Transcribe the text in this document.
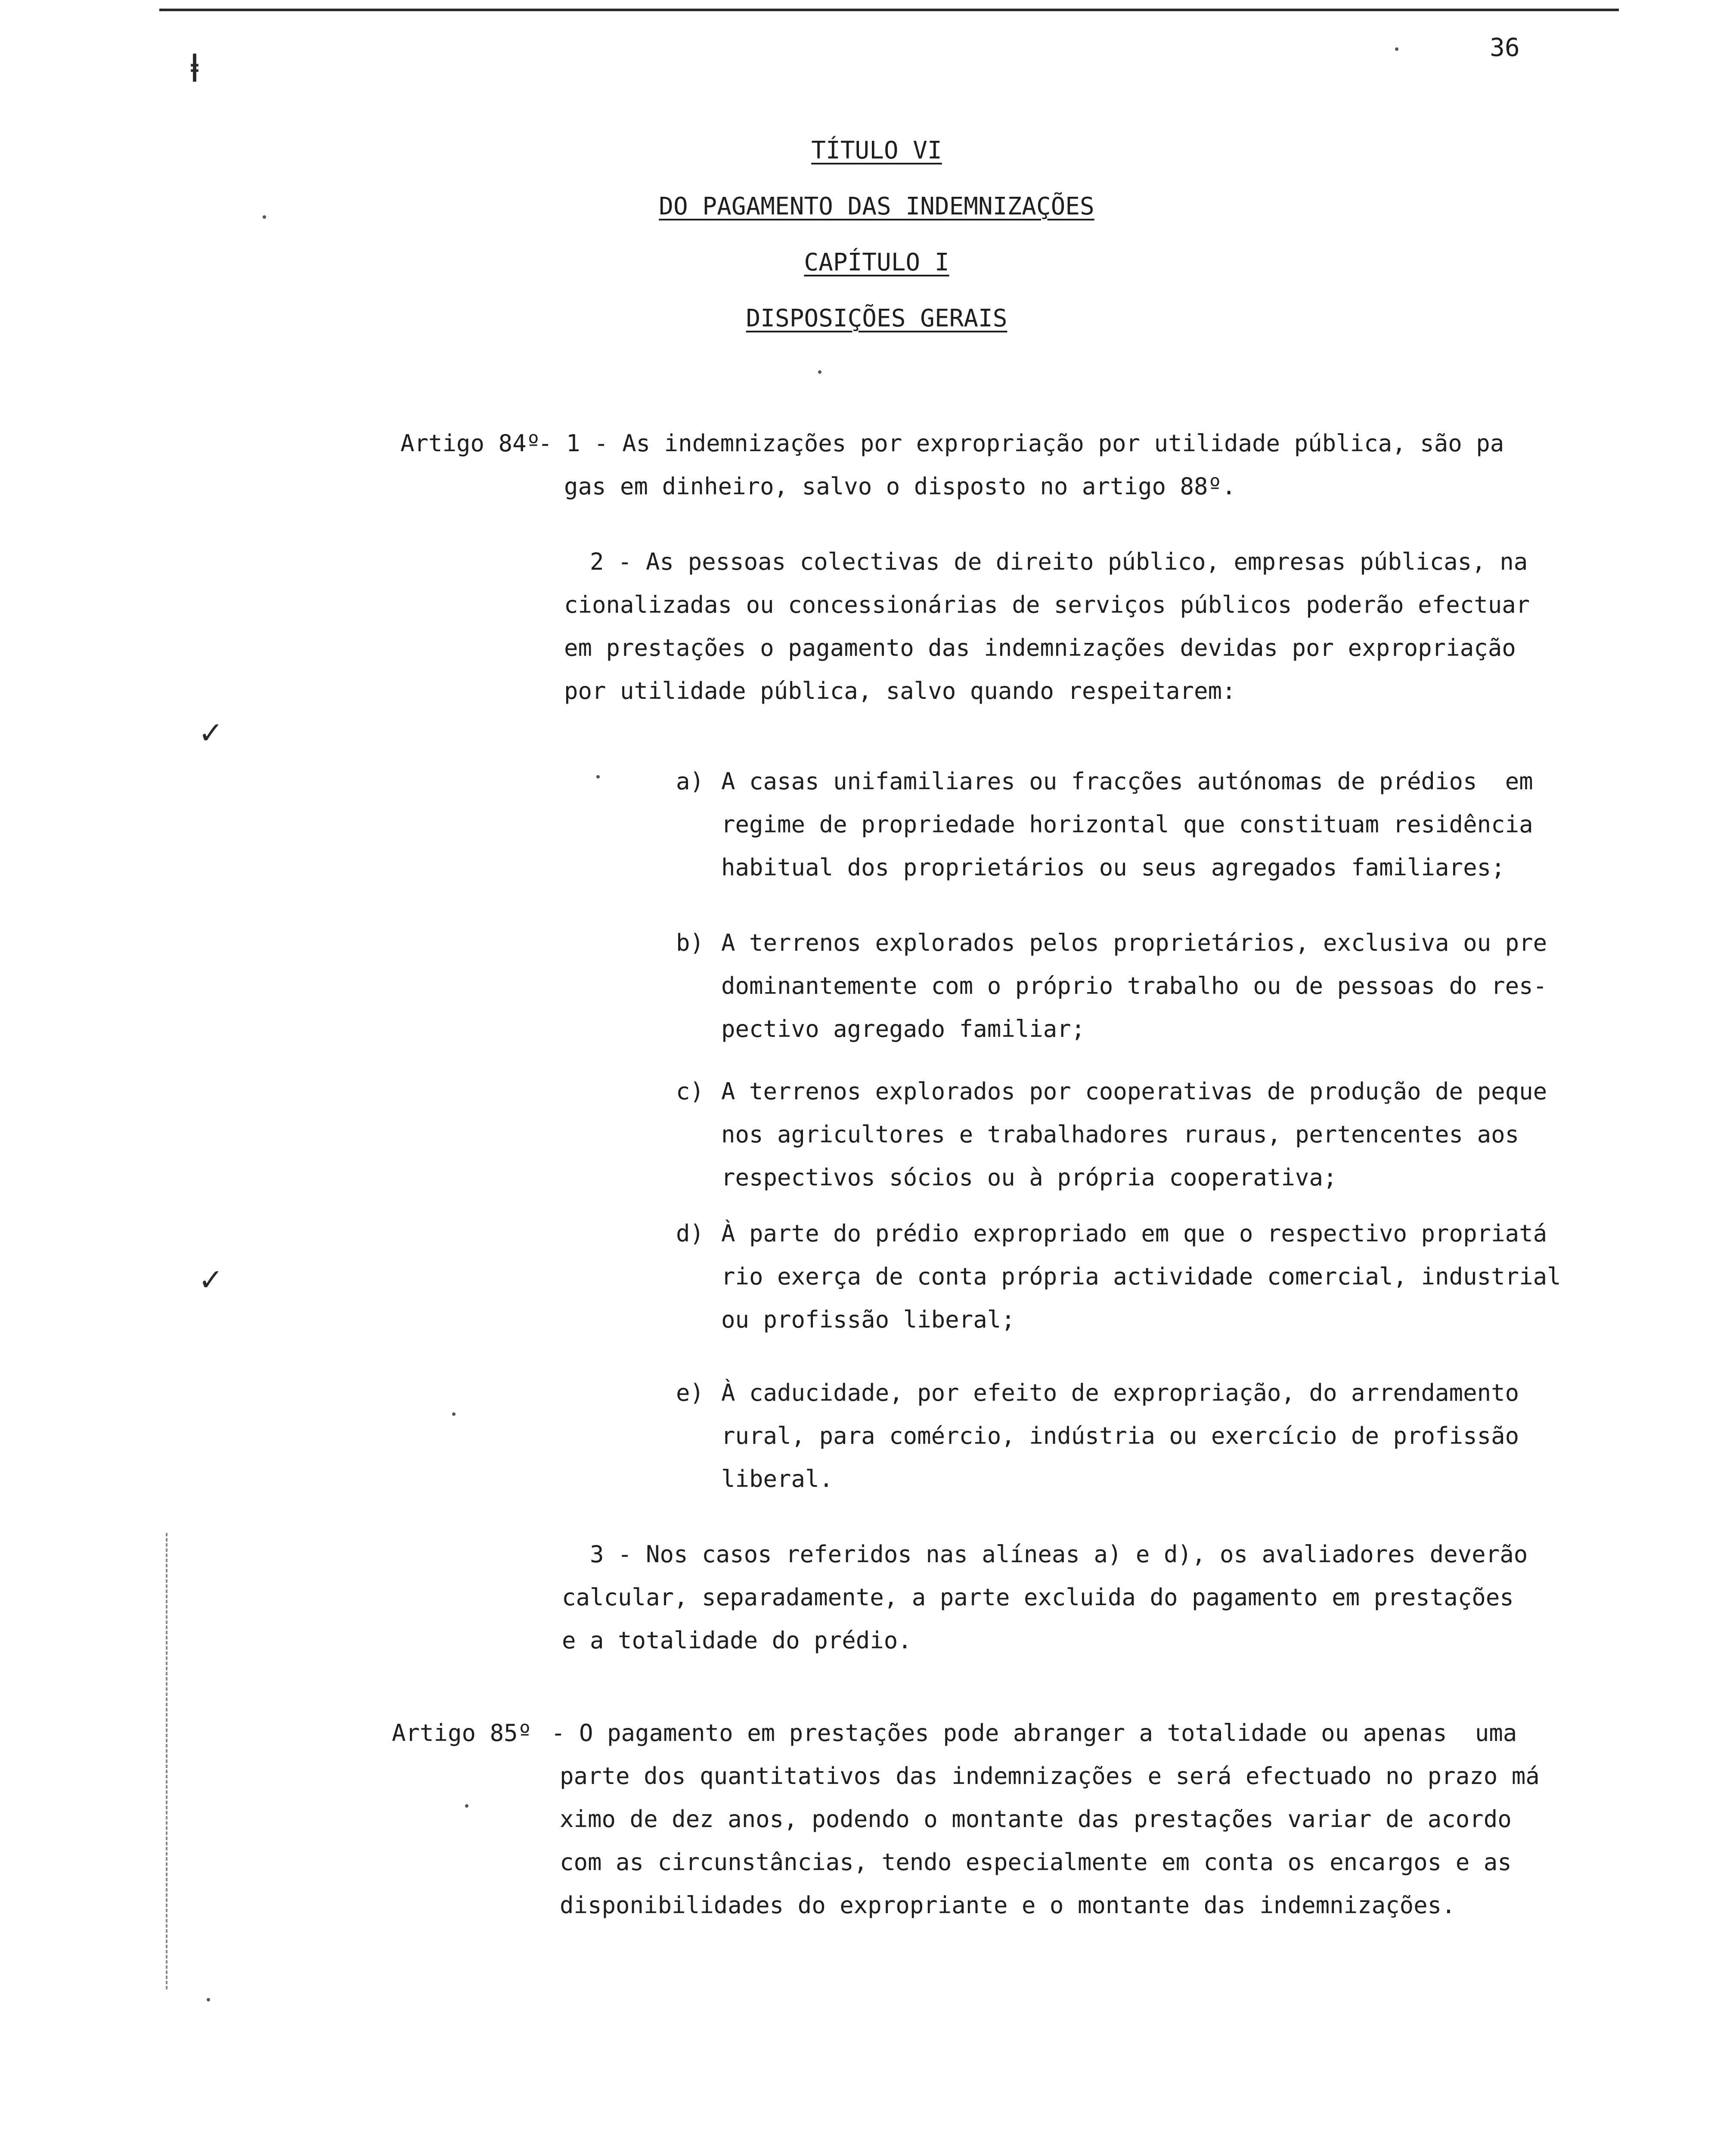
36
ⱡ
✓
✓
TÍTULO VI
DO PAGAMENTO DAS INDEMNIZAÇÕES
CAPÍTULO I
DISPOSIÇÕES GERAIS
Artigo 84º
- 1 - As indemnizações por expropriação por utilidade pública, são pa
gas em dinheiro, salvo o disposto no artigo 88º.
2 - As pessoas colectivas de direito público, empresas públicas, na
cionalizadas ou concessionárias de serviços públicos poderão efectuar
em prestações o pagamento das indemnizações devidas por expropriação
por utilidade pública, salvo quando respeitarem:
a) A casas unifamiliares ou fracções autónomas de prédios  em
regime de propriedade horizontal que constituam residência
habitual dos proprietários ou seus agregados familiares;
b) A terrenos explorados pelos proprietários, exclusiva ou pre
dominantemente com o próprio trabalho ou de pessoas do res-
pectivo agregado familiar;
c) A terrenos explorados por cooperativas de produção de peque
nos agricultores e trabalhadores ruraus, pertencentes aos
respectivos sócios ou à própria cooperativa;
d) À parte do prédio expropriado em que o respectivo propriatá
rio exerça de conta própria actividade comercial, industrial
ou profissão liberal;
e) À caducidade, por efeito de expropriação, do arrendamento
rural, para comércio, indústria ou exercício de profissão
liberal.
3 - Nos casos referidos nas alíneas a) e d), os avaliadores deverão
calcular, separadamente, a parte excluida do pagamento em prestações
e a totalidade do prédio.
Artigo 85º - O pagamento em prestações pode abranger a totalidade ou apenas  uma
parte dos quantitativos das indemnizações e será efectuado no prazo má
ximo de dez anos, podendo o montante das prestações variar de acordo
com as circunstâncias, tendo especialmente em conta os encargos e as
disponibilidades do expropriante e o montante das indemnizações.
